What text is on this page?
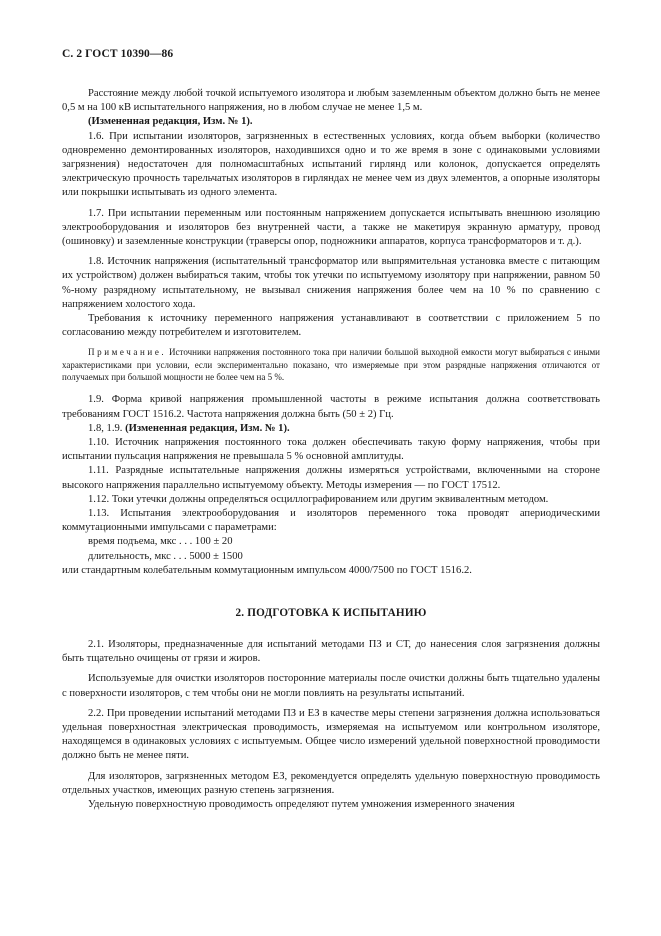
С. 2 ГОСТ 10390—86

Расстояние между любой точкой испытуемого изолятора и любым заземленным объектом должно быть не менее 0,5 м на 100 кВ испытательного напряжения, но в любом случае не менее 1,5 м.

(Измененная редакция, Изм. № 1).

1.6. При испытании изоляторов, загрязненных в естественных условиях, когда объем выборки (количество одновременно демонтированных изоляторов, находившихся одно и то же время в зоне с одинаковыми условиями загрязнения) недостаточен для полномасштабных испытаний гирлянд или колонок, допускается определять электрическую прочность тарельчатых изоляторов в гирляндах не менее чем из двух элементов, а опорные изоляторы или покрышки испытывать из одного элемента.

1.7. При испытании переменным или постоянным напряжением допускается испытывать внешнюю изоляцию электрооборудования и изоляторов без внутренней части, а также не макетируя экранную арматуру, провод (ошиновку) и заземленные конструкции (траверсы опор, подножники аппаратов, корпуса трансформаторов и т. д.).

1.8. Источник напряжения (испытательный трансформатор или выпрямительная установка вместе с питающим их устройством) должен выбираться таким, чтобы ток утечки по испытуемому изолятору при напряжении, равном 50 %-ному разрядному испытательному, не вызывал снижения напряжения более чем на 10 % по сравнению с напряжением холостого хода.

Требования к источнику переменного напряжения устанавливают в соответствии с приложением 5 по согласованию между потребителем и изготовителем.

Примечание. Источники напряжения постоянного тока при наличии большой выходной емкости могут выбираться с иными характеристиками при условии, если экспериментально показано, что измеряемые при этом разрядные напряжения отличаются от получаемых при большой мощности не более чем на 5 %.

1.9. Форма кривой напряжения промышленной частоты в режиме испытания должна соответствовать требованиям ГОСТ 1516.2. Частота напряжения должна быть (50 ± 2) Гц.

1.8, 1.9. (Измененная редакция, Изм. № 1).

1.10. Источник напряжения постоянного тока должен обеспечивать такую форму напряжения, чтобы при испытании пульсация напряжения не превышала 5 % основной амплитуды.

1.11. Разрядные испытательные напряжения должны измеряться устройствами, включенными на стороне высокого напряжения параллельно испытуемому объекту. Методы измерения — по ГОСТ 17512.

1.12. Токи утечки должны определяться осциллографированием или другим эквивалентным методом.

1.13. Испытания электрооборудования и изоляторов переменного тока проводят апериодическими коммутационными импульсами с параметрами:

время подъема, мкс . . . 100 ± 20

длительность, мкс . . . 5000 ± 1500

или стандартным колебательным коммутационным импульсом 4000/7500 по ГОСТ 1516.2.

2. ПОДГОТОВКА К ИСПЫТАНИЮ

2.1. Изоляторы, предназначенные для испытаний методами ПЗ и СТ, до нанесения слоя загрязнения должны быть тщательно очищены от грязи и жиров.

Используемые для очистки изоляторов посторонние материалы после очистки должны быть тщательно удалены с поверхности изоляторов, с тем чтобы они не могли повлиять на результаты испытаний.

2.2. При проведении испытаний методами ПЗ и ЕЗ в качестве меры степени загрязнения должна использоваться удельная поверхностная электрическая проводимость, измеряемая на испытуемом или контрольном изоляторе, находящемся в одинаковых условиях с испытуемым. Общее число измерений удельной поверхностной проводимости должно быть не менее пяти.

Для изоляторов, загрязненных методом ЕЗ, рекомендуется определять удельную поверхностную проводимость отдельных участков, имеющих разную степень загрязнения.

Удельную поверхностную проводимость определяют путем умножения измеренного значения
